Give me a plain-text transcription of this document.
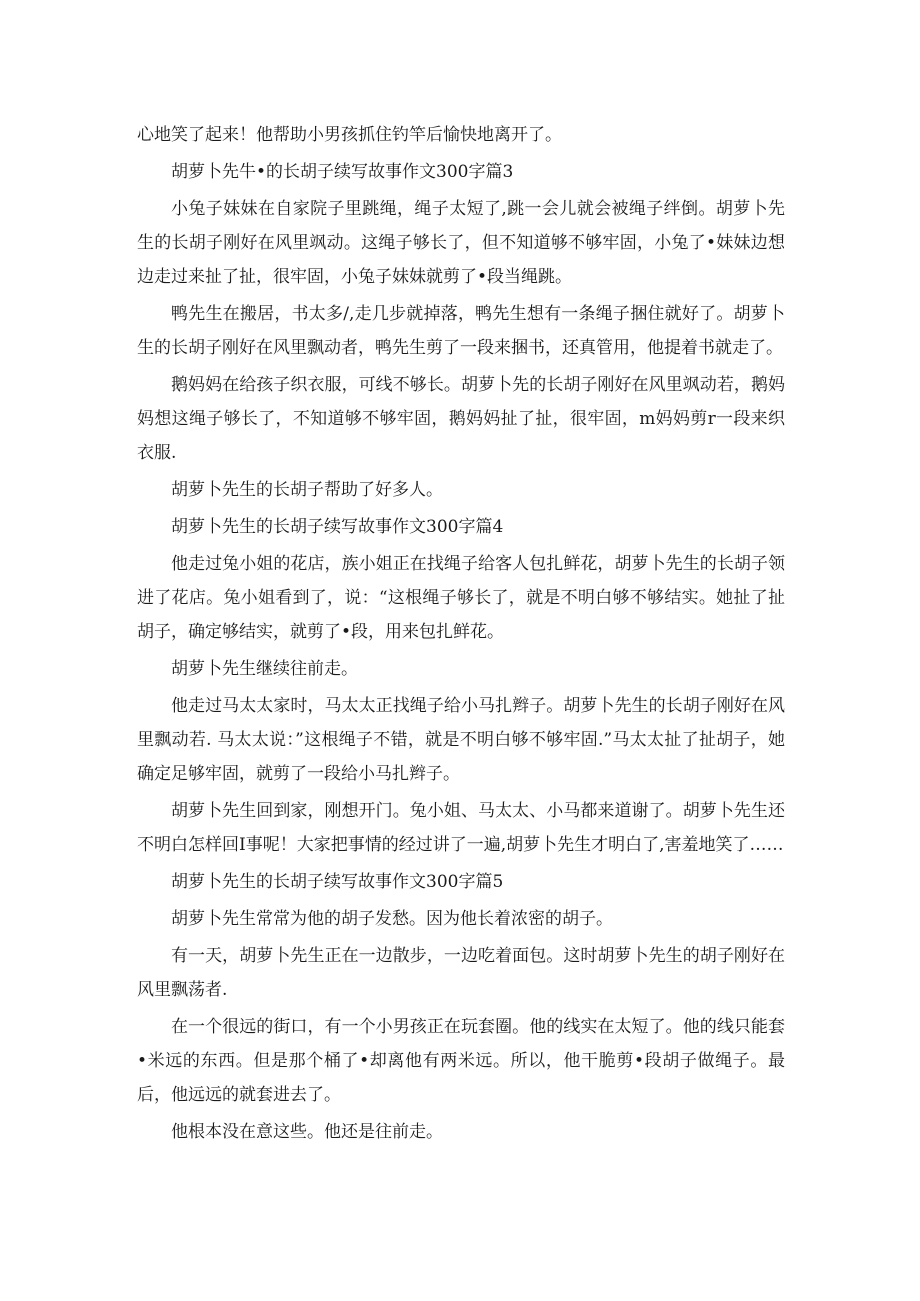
心地笑了起来！他帮助小男孩抓住钓竿后愉快地离开了。

胡萝卜先牛•的长胡子续写故事作文300字篇3

小兔子妹妹在自家院子里跳绳，绳子太短了,跳一会儿就会被绳子绊倒。胡萝卜先生的长胡子刚好在风里飒动。这绳子够长了，但不知道够不够牢固，小兔了•妹妹边想边走过来扯了扯，很牢固，小兔子妹妹就剪了•段当绳跳。

鸭先生在搬居，书太多/,走几步就掉落，鸭先生想有一条绳子捆住就好了。胡萝卜生的长胡子刚好在风里飘动者，鸭先生剪了一段来捆书，还真管用，他提着书就走了。

鹅妈妈在给孩子织衣服，可线不够长。胡萝卜先的长胡子刚好在风里飒动若，鹅妈妈想这绳子够长了，不知道够不够牢固，鹅妈妈扯了扯，很牢固，m妈妈剪r一段来织衣服.

胡萝卜先生的长胡子帮助了好多人。

胡萝卜先生的长胡子续写故事作文300字篇4

他走过兔小姐的花店，族小姐正在找绳子给客人包扎鲜花，胡萝卜先生的长胡子领进了花店。兔小姐看到了，说：“这根绳子够长了，就是不明白够不够结实。她扯了扯胡子，确定够结实，就剪了•段，用来包扎鲜花。

胡萝卜先生继续往前走。

他走过马太太家时，马太太正找绳子给小马扎辫子。胡萝卜先生的长胡子刚好在风里飘动若. 马太太说：”这根绳子不错，就是不明白够不够牢固.”马太太扯了扯胡子，她确定足够牢固，就剪了一段给小马扎辫子。

胡萝卜先生回到家，刚想开门。兔小姐、马太太、小马都来道谢了。胡萝卜先生还不明白怎样回I事呢！大家把事情的经过讲了一遍,胡萝卜先生才明白了,害羞地笑了……

胡萝卜先生的长胡子续写故事作文300字篇5

胡萝卜先生常常为他的胡子发愁。因为他长着浓密的胡子。

有一天，胡萝卜先生正在一边散步，一边吃着面包。这时胡萝卜先生的胡子刚好在风里飘荡者.

在一个很远的街口，有一个小男孩正在玩套圈。他的线实在太短了。他的线只能套•米远的东西。但是那个桶了•却离他有两米远。所以，他干脆剪•段胡子做绳子。最后，他远远的就套进去了。

他根本没在意这些。他还是往前走。
